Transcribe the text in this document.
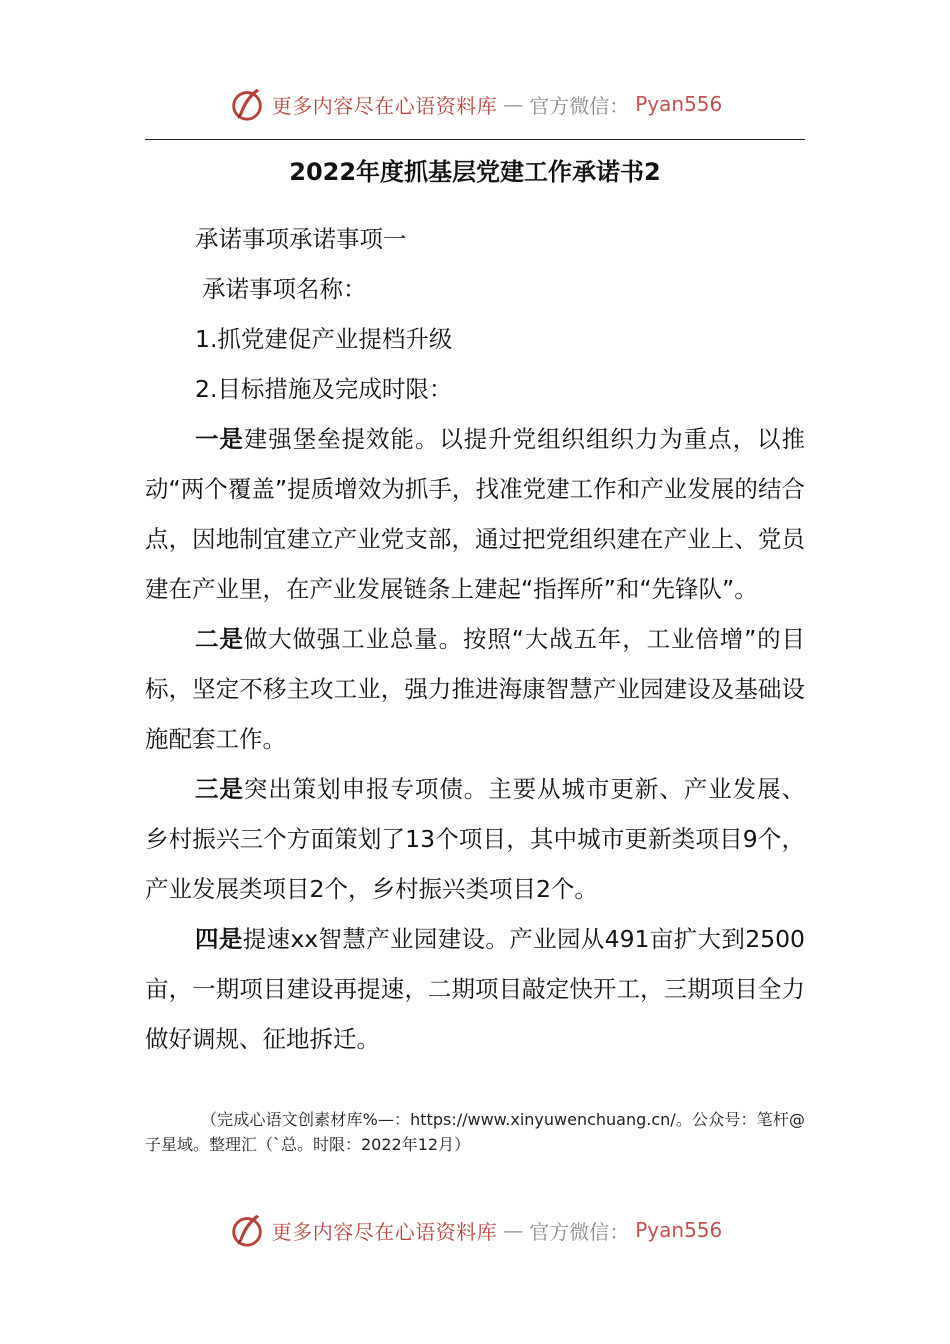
更多内容尽在心语资料库 — 官方微信： Pyan556
2022年度抓基层党建工作承诺书2

承诺事项承诺事项一

承诺事项名称：

1.抓党建促产业提档升级

2.目标措施及完成时限：

一是建强堡垒提效能。以提升党组织组织力为重点，以推动“两个覆盖”提质增效为抓手，找准党建工作和产业发展的结合点，因地制宜建立产业党支部，通过把党组织建在产业上、党员建在产业里，在产业发展链条上建起“指挥所”和“先锋队”。

二是做大做强工业总量。按照“大战五年，工业倍增”的目标，坚定不移主攻工业，强力推进海康智慧产业园建设及基础设施配套工作。

三是突出策划申报专项债。主要从城市更新、产业发展、乡村振兴三个方面策划了13个项目，其中城市更新类项目9个，产业发展类项目2个，乡村振兴类项目2个。

四是提速xx智慧产业园建设。产业园从491亩扩大到2500亩，一期项目建设再提速，二期项目敲定快开工，三期项目全力做好调规、征地拆迁。

（完成心语文创素材库%—：https://www.xinyuwenchuang.cn/。公众号：笔杆@子星域。整理汇（`总。时限：2022年12月）

更多内容尽在心语资料库 — 官方微信： Pyan556
